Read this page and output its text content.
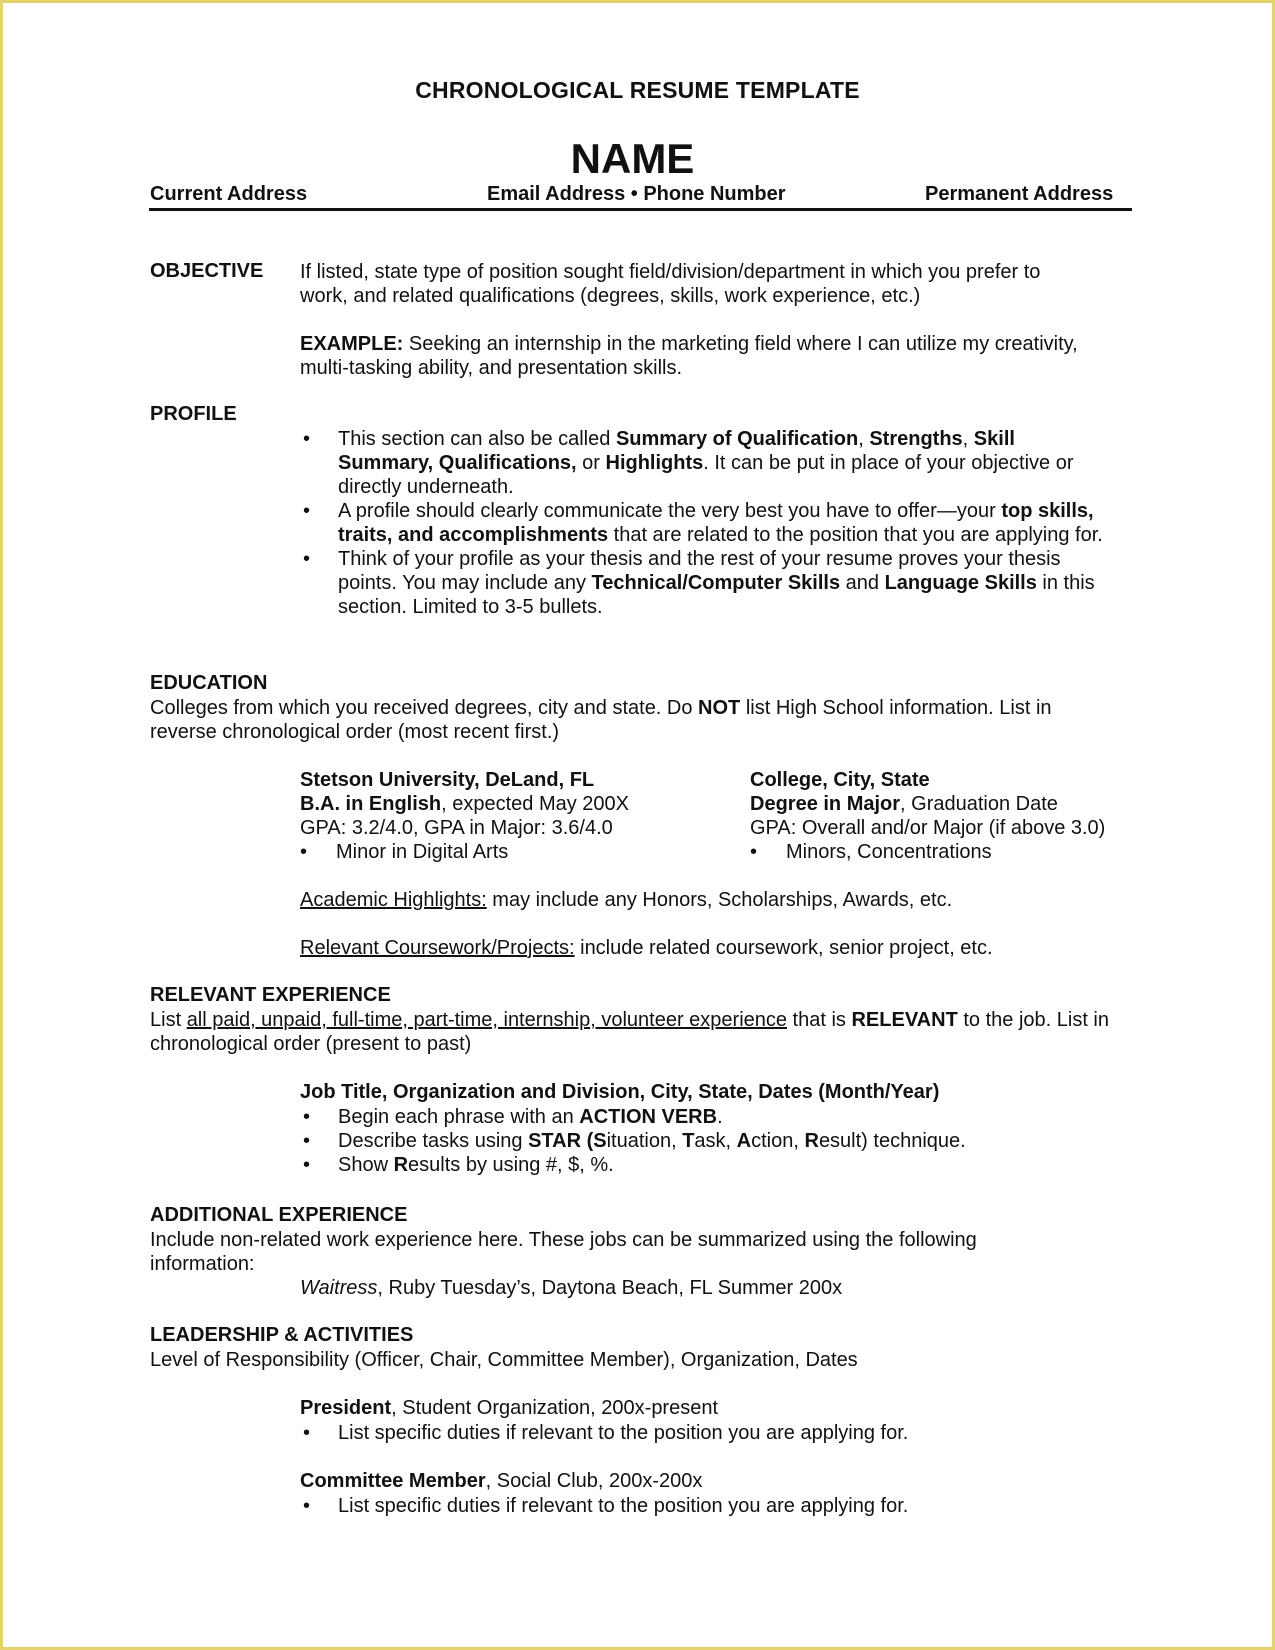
CHRONOLOGICAL RESUME TEMPLATE
NAME
Current Address	Email Address • Phone Number	Permanent Address
OBJECTIVE If listed, state type of position sought field/division/department in which you prefer to work, and related qualifications (degrees, skills, work experience, etc.)
EXAMPLE: Seeking an internship in the marketing field where I can utilize my creativity, multi-tasking ability, and presentation skills.
PROFILE
• This section can also be called Summary of Qualification, Strengths, Skill Summary, Qualifications, or Highlights. It can be put in place of your objective or directly underneath.
• A profile should clearly communicate the very best you have to offer—your top skills, traits, and accomplishments that are related to the position that you are applying for.
• Think of your profile as your thesis and the rest of your resume proves your thesis points. You may include any Technical/Computer Skills and Language Skills in this section. Limited to 3-5 bullets.
EDUCATION
Colleges from which you received degrees, city and state. Do NOT list High School information. List in reverse chronological order (most recent first.)
Stetson University, DeLand, FL
B.A. in English, expected May 200X
GPA: 3.2/4.0, GPA in Major: 3.6/4.0
• Minor in Digital Arts
College, City, State
Degree in Major, Graduation Date
GPA: Overall and/or Major (if above 3.0)
• Minors, Concentrations
Academic Highlights: may include any Honors, Scholarships, Awards, etc.
Relevant Coursework/Projects: include related coursework, senior project, etc.
RELEVANT EXPERIENCE
List all paid, unpaid, full-time, part-time, internship, volunteer experience that is RELEVANT to the job. List in chronological order (present to past)
Job Title, Organization and Division, City, State, Dates (Month/Year)
• Begin each phrase with an ACTION VERB.
• Describe tasks using STAR (Situation, Task, Action, Result) technique.
• Show Results by using #, $, %.
ADDITIONAL EXPERIENCE
Include non-related work experience here. These jobs can be summarized using the following information:
Waitress, Ruby Tuesday’s, Daytona Beach, FL Summer 200x
LEADERSHIP & ACTIVITIES
Level of Responsibility (Officer, Chair, Committee Member), Organization, Dates
President, Student Organization, 200x-present
• List specific duties if relevant to the position you are applying for.
Committee Member, Social Club, 200x-200x
• List specific duties if relevant to the position you are applying for.
